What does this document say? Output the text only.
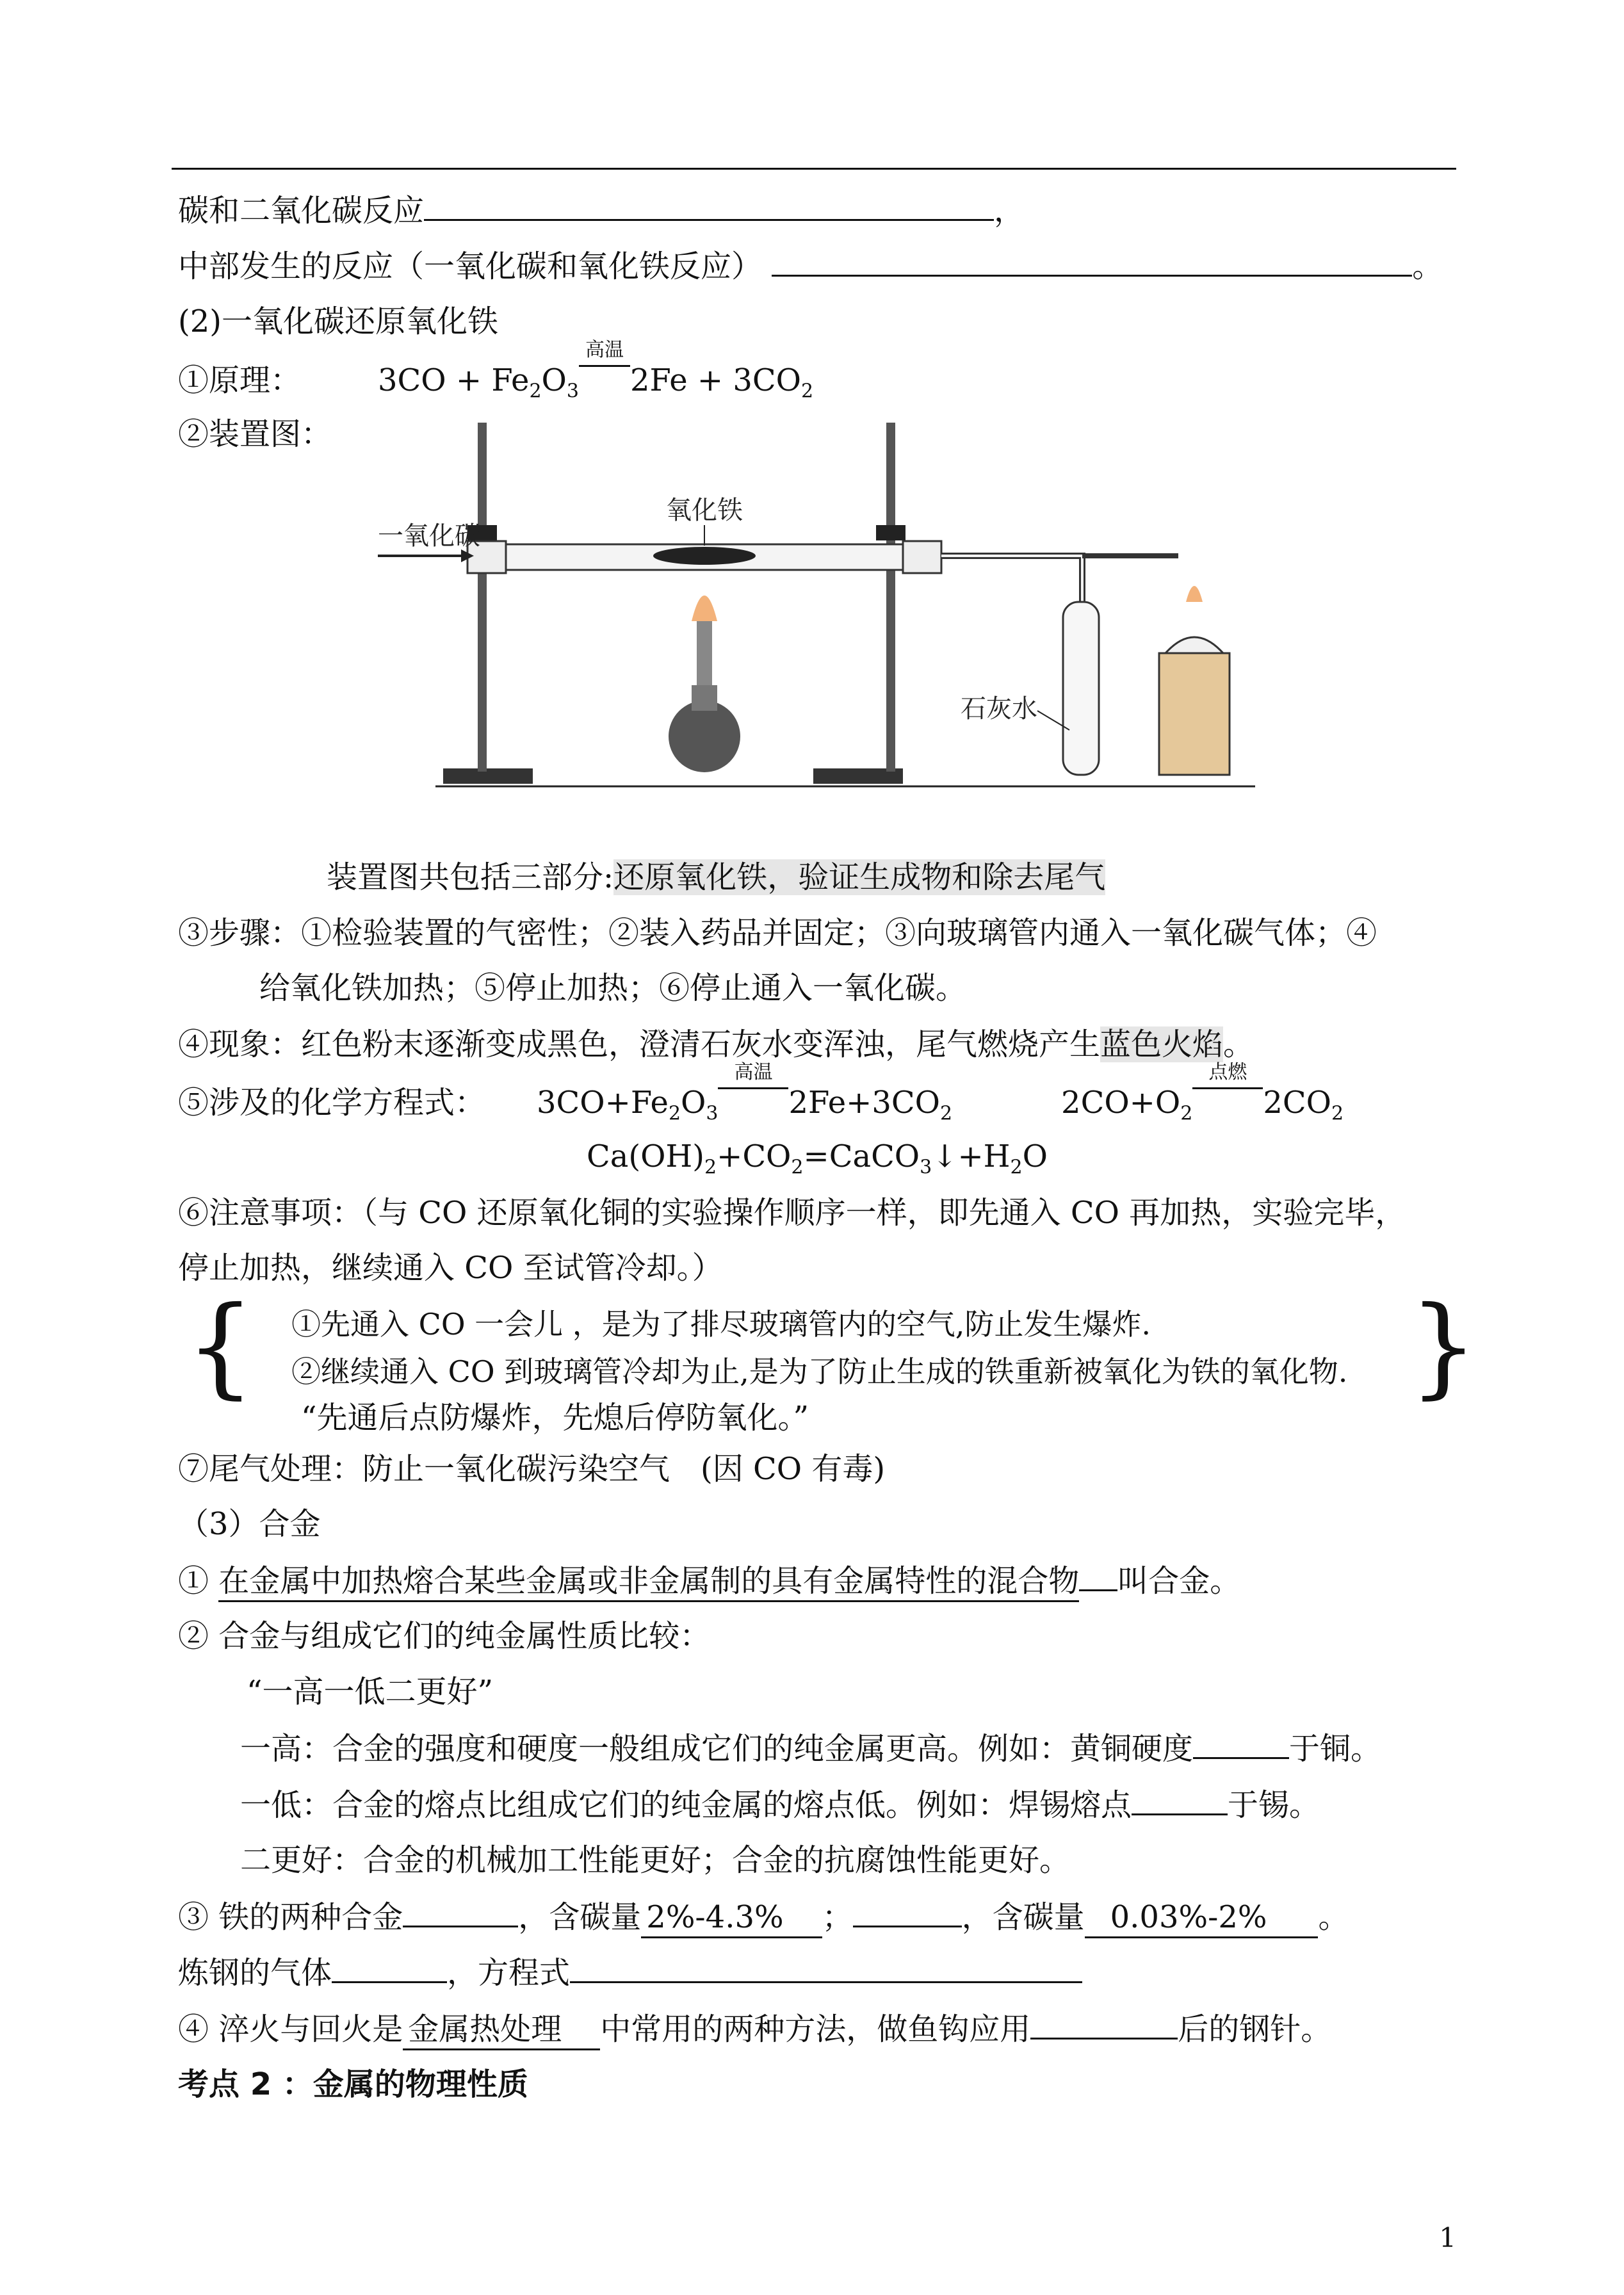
碳和二氧化碳反应	，
中部发生的反应（一氧化碳和氧化铁反应）	。
(2)一氧化碳还原氧化铁
①原理：	$3CO + Fe_2O_3$
高温
$2Fe + 3CO_2$
②装置图：
一氧化碳
氧化铁
石灰水
装置图共包括三部分:还原氧化铁，验证生成物和除去尾气
③步骤：①检验装置的气密性；②装入药品并固定；③向玻璃管内通入一氧化碳气体；④
给氧化铁加热；⑤停止加热；⑥停止通入一氧化碳。
④现象：红色粉末逐渐变成黑色，澄清石灰水变浑浊，尾气燃烧产生蓝色火焰。
⑤涉及的化学方程式： $3CO+Fe_2O_3$
高温
$2Fe+3CO_2$	$2CO+O_2$
点燃
$2CO_2$
$Ca(OH)_2+CO_2=CaCO_3↓+H_2O$
⑥注意事项：（与 CO 还原氧化铜的实验操作顺序一样，即先通入 CO 再加热，实验完毕，
停止加热，继续通入 CO 至试管冷却。）
{	}
①先通入 CO 一会儿 ，是为了排尽玻璃管内的空气,防止发生爆炸.
②继续通入 CO 到玻璃管冷却为止,是为了防止生成的铁重新被氧化为铁的氧化物.
“先通后点防爆炸，先熄后停防氧化。”
⑦尾气处理：防止一氧化碳污染空气　(因 CO 有毒)
（3）合金
① 在金属中加热熔合某些金属或非金属制的具有金属特性的混合物 叫合金。
② 合金与组成它们的纯金属性质比较：
“一高一低二更好”
一高：合金的强度和硬度一般组成它们的纯金属更高。例如：黄铜硬度	于铜。
一低：合金的熔点比组成它们的纯金属的熔点低。例如：焊锡熔点	于锡。
二更好：合金的机械加工性能更好；合金的抗腐蚀性能更好。
③ 铁的两种合金	，含碳量 2%-4.3% ；	，含碳量 0.03%-2% 。
炼钢的气体	，方程式
④ 淬火与回火是 金属热处理 中常用的两种方法，做鱼钩应用	后的钢针。
考点 2 ：金属的物理性质
1
